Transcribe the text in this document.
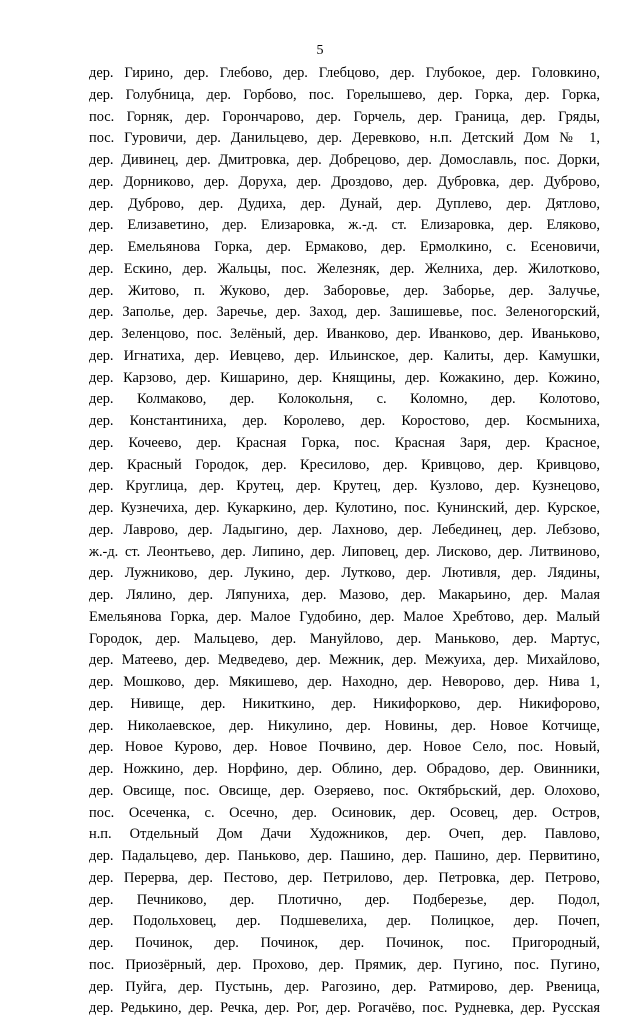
5
дер. Гирино, дер. Глебово, дер. Глебцово, дер. Глубокое, дер. Головкино,
дер. Голубница, дер. Горбово, пос. Горелышево, дер. Горка, дер. Горка,
пос. Горняк, дер. Горончарово, дер. Горчель, дер. Граница, дер. Гряды,
пос. Гуровичи, дер. Данильцево, дер. Деревково, н.п. Детский Дом № 1,
дер. Дивинец, дер. Дмитровка, дер. Добрецово, дер. Домославль, пос. Дорки,
дер. Дорниково, дер. Доруха, дер. Дроздово, дер. Дубровка, дер. Дуброво,
дер. Дуброво, дер. Дудиха, дер. Дунай, дер. Дуплево, дер. Дятлово,
дер. Елизаветино, дер. Елизаровка, ж.-д. ст. Елизаровка, дер. Еляково,
дер. Емельянова Горка, дер. Ермаково, дер. Ермолкино, с. Есеновичи,
дер. Ескино, дер. Жальцы, пос. Железняк, дер. Желниха, дер. Жилотково,
дер. Житово, п. Жуково, дер. Заборовье, дер. Заборье, дер. Залучье,
дер. Заполье, дер. Заречье, дер. Заход, дер. Зашишевье, пос. Зеленогорский,
дер. Зеленцово, пос. Зелёный, дер. Иванково, дер. Иванково, дер. Иваньково,
дер. Игнатиха, дер. Иевцево, дер. Ильинское, дер. Калиты, дер. Камушки,
дер. Карзово, дер. Кишарино, дер. Княщины, дер. Кожакино, дер. Кожино,
дер. Колмаково, дер. Колокольня, с. Коломно, дер. Колотово,
дер. Константиниха, дер. Королево, дер. Коростово, дер. Космыниха,
дер. Кочеево, дер. Красная Горка, пос. Красная Заря, дер. Красное,
дер. Красный Городок, дер. Кресилово, дер. Кривцово, дер. Кривцово,
дер. Круглица, дер. Крутец, дер. Крутец, дер. Кузлово, дер. Кузнецово,
дер. Кузнечиха, дер. Кукаркино, дер. Кулотино, пос. Кунинский, дер. Курское,
дер. Лаврово, дер. Ладыгино, дер. Лахново, дер. Лебединец, дер. Лебзово,
ж.-д. ст. Леонтьево, дер. Липино, дер. Липовец, дер. Лисково, дер. Литвиново,
дер. Лужниково, дер. Лукино, дер. Лутково, дер. Лютивля, дер. Лядины,
дер. Лялино, дер. Ляпуниха, дер. Мазово, дер. Макарьино, дер. Малая
Емельянова Горка, дер. Малое Гудобино, дер. Малое Хребтово, дер. Малый
Городок, дер. Мальцево, дер. Мануйлово, дер. Маньково, дер. Мартус,
дер. Матеево, дер. Медведево, дер. Межник, дер. Межуиха, дер. Михайлово,
дер. Мошково, дер. Мякишево, дер. Находно, дер. Неворово, дер. Нива 1,
дер. Нивище, дер. Никиткино, дер. Никифорково, дер. Никифорово,
дер. Николаевское, дер. Никулино, дер. Новины, дер. Новое Котчище,
дер. Новое Курово, дер. Новое Почвино, дер. Новое Село, пос. Новый,
дер. Ножкино, дер. Норфино, дер. Облино, дер. Обрадово, дер. Овинники,
дер. Овсище, пос. Овсище, дер. Озеряево, пос. Октябрьский, дер. Олохово,
пос. Осеченка, с. Осечно, дер. Осиновик, дер. Осовец, дер. Остров,
н.п. Отдельный Дом Дачи Художников, дер. Очеп, дер. Павлово,
дер. Падальцево, дер. Паньково, дер. Пашино, дер. Пашино, дер. Первитино,
дер. Перерва, дер. Пестово, дер. Петрилово, дер. Петровка, дер. Петрово,
дер. Печниково, дер. Плотично, дер. Подберезье, дер. Подол,
дер. Подольховец, дер. Подшевелиха, дер. Полицкое, дер. Почеп,
дер. Починок, дер. Починок, дер. Починок, пос. Пригородный,
пос. Приозёрный, дер. Прохово, дер. Прямик, дер. Пугино, пос. Пугино,
дер. Пуйга, дер. Пустынь, дер. Рагозино, дер. Ратмирово, дер. Рвеница,
дер. Редькино, дер. Речка, дер. Рог, дер. Рогачёво, пос. Рудневка, дер. Русская
